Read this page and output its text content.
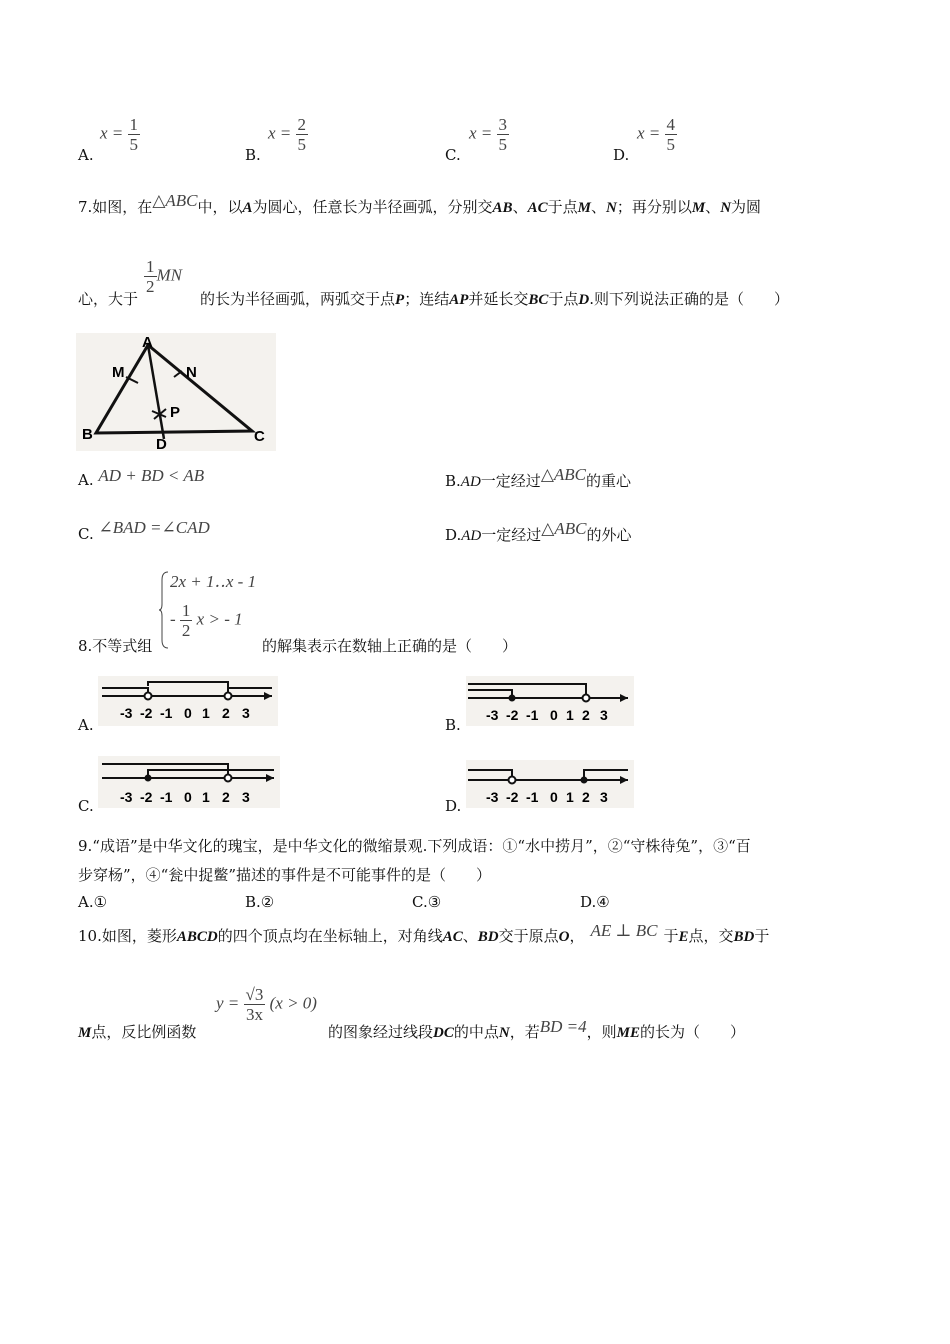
A.
$x = \frac{1}{5}$
B.
$x = \frac{2}{5}$
C.
$x = \frac{3}{5}$
D.
$x = \frac{4}{5}$
7.如图，在△ABC中，以A为圆心，任意长为半径画弧，分别交AB、AC于点M、N；再分别以M、N为圆
心，大于
$\frac{1}{2}$ MN
的长为半径画弧，两弧交于点P；连结AP并延长交BC于点D.则下列说法正确的是（　　）
A
B	C
D
M	N
P
A. AD + BD < AB	B.AD一定经过△ABC的重心
C. ∠BAD =∠CAD	D.AD一定经过△ABC的外心
8.不等式组
2x + 1‥x - 1
- $\frac{1}{2}$ x > - 1
的解集表示在数轴上正确的是（　　）
A.
-3 -2 -1 0 1 2 3
B.
-3 -2 -1 0 1 2 3
C. -3 -2 -1 0 1 2 3	D. -3 -2 -1 0 1 2 3
9.“成语”是中华文化的瑰宝，是中华文化的微缩景观.下列成语：①“水中捞月”，②“守株待兔”，③“百
步穿杨”，④“瓮中捉鳖”描述的事件是不可能事件的是（　　）
A.①	B.②	C.③	D.④
10.如图，菱形ABCD的四个顶点均在坐标轴上，对角线AC、BD交于原点O， AE ⊥ BC 于E点，交BD于
M点，反比例函数
$y = \frac{√3}{3x} (x > 0)$
的图象经过线段DC的中点N，若BD =4，则ME的长为（　　）
